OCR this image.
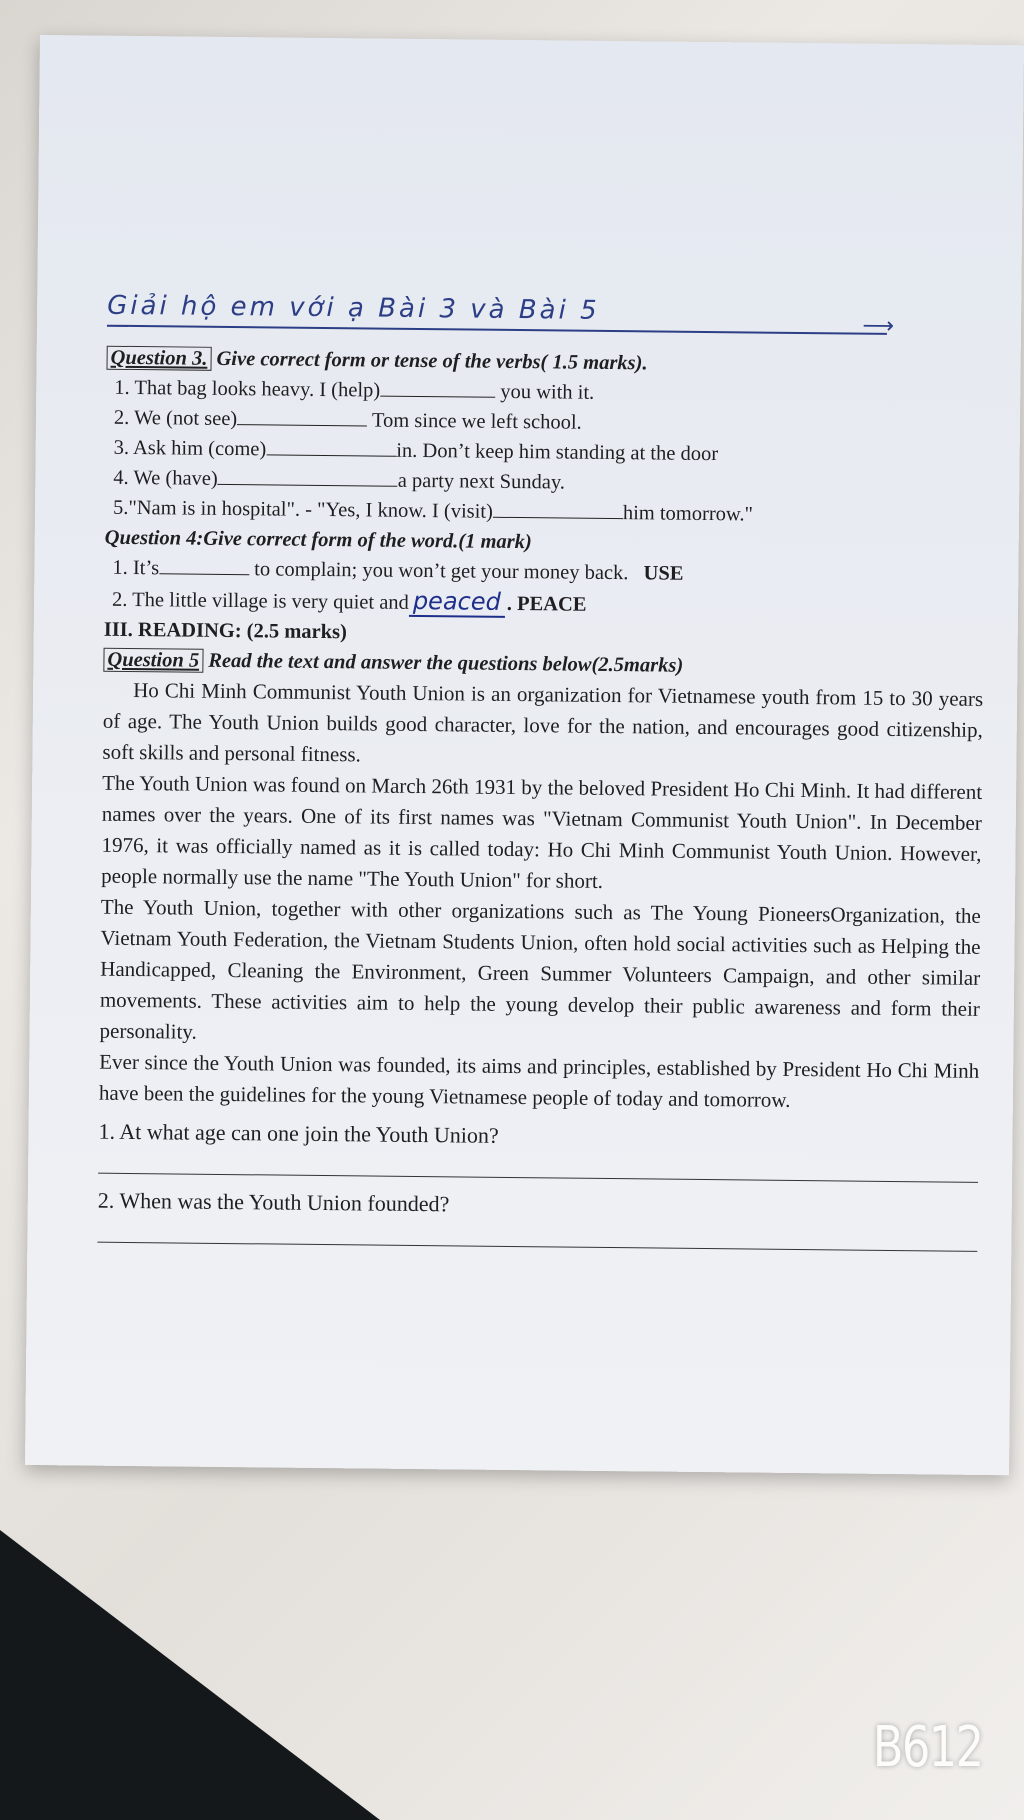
Giải hộ em với ạ Bài 3 và Bài 5
⟶

Question 3. Give correct form or tense of the verbs( 1.5 marks).

1. That bag looks heavy. I (help)	you with it.

2. We (not see)	Tom since we left school.

3. Ask him (come)	in. Don’t keep him standing at the door

4. We (have)	a party next Sunday.

5."Nam is in hospital". - "Yes, I know. I (visit)	him tomorrow."

Question 4:Give correct form of the word.(1 mark)

1. It’s	to complain; you won’t get your money back. USE

2. The little village is very quiet and peaced . PEACE

III. READING: (2.5 marks)

Question 5 Read the text and answer the questions below(2.5marks)

Ho Chi Minh Communist Youth Union is an organization for Vietnamese youth from 15 to 30 years of age. The Youth Union builds good character, love for the nation, and encourages good citizenship, soft skills and personal fitness.

The Youth Union was found on March 26th 1931 by the beloved President Ho Chi Minh. It had different names over the years. One of its first names was "Vietnam Communist Youth Union". In December 1976, it was officially named as it is called today: Ho Chi Minh Communist Youth Union. However, people normally use the name "The Youth Union" for short.

The Youth Union, together with other organizations such as The Young PioneersOrganization, the Vietnam Youth Federation, the Vietnam Students Union, often hold social activities such as Helping the Handicapped, Cleaning the Environment, Green Summer Volunteers Campaign, and other similar movements. These activities aim to help the young develop their public awareness and form their personality.

Ever since the Youth Union was founded, its aims and principles, established by President Ho Chi Minh have been the guidelines for the young Vietnamese people of today and tomorrow.

1. At what age can one join the Youth Union?

2. When was the Youth Union founded?

B612
